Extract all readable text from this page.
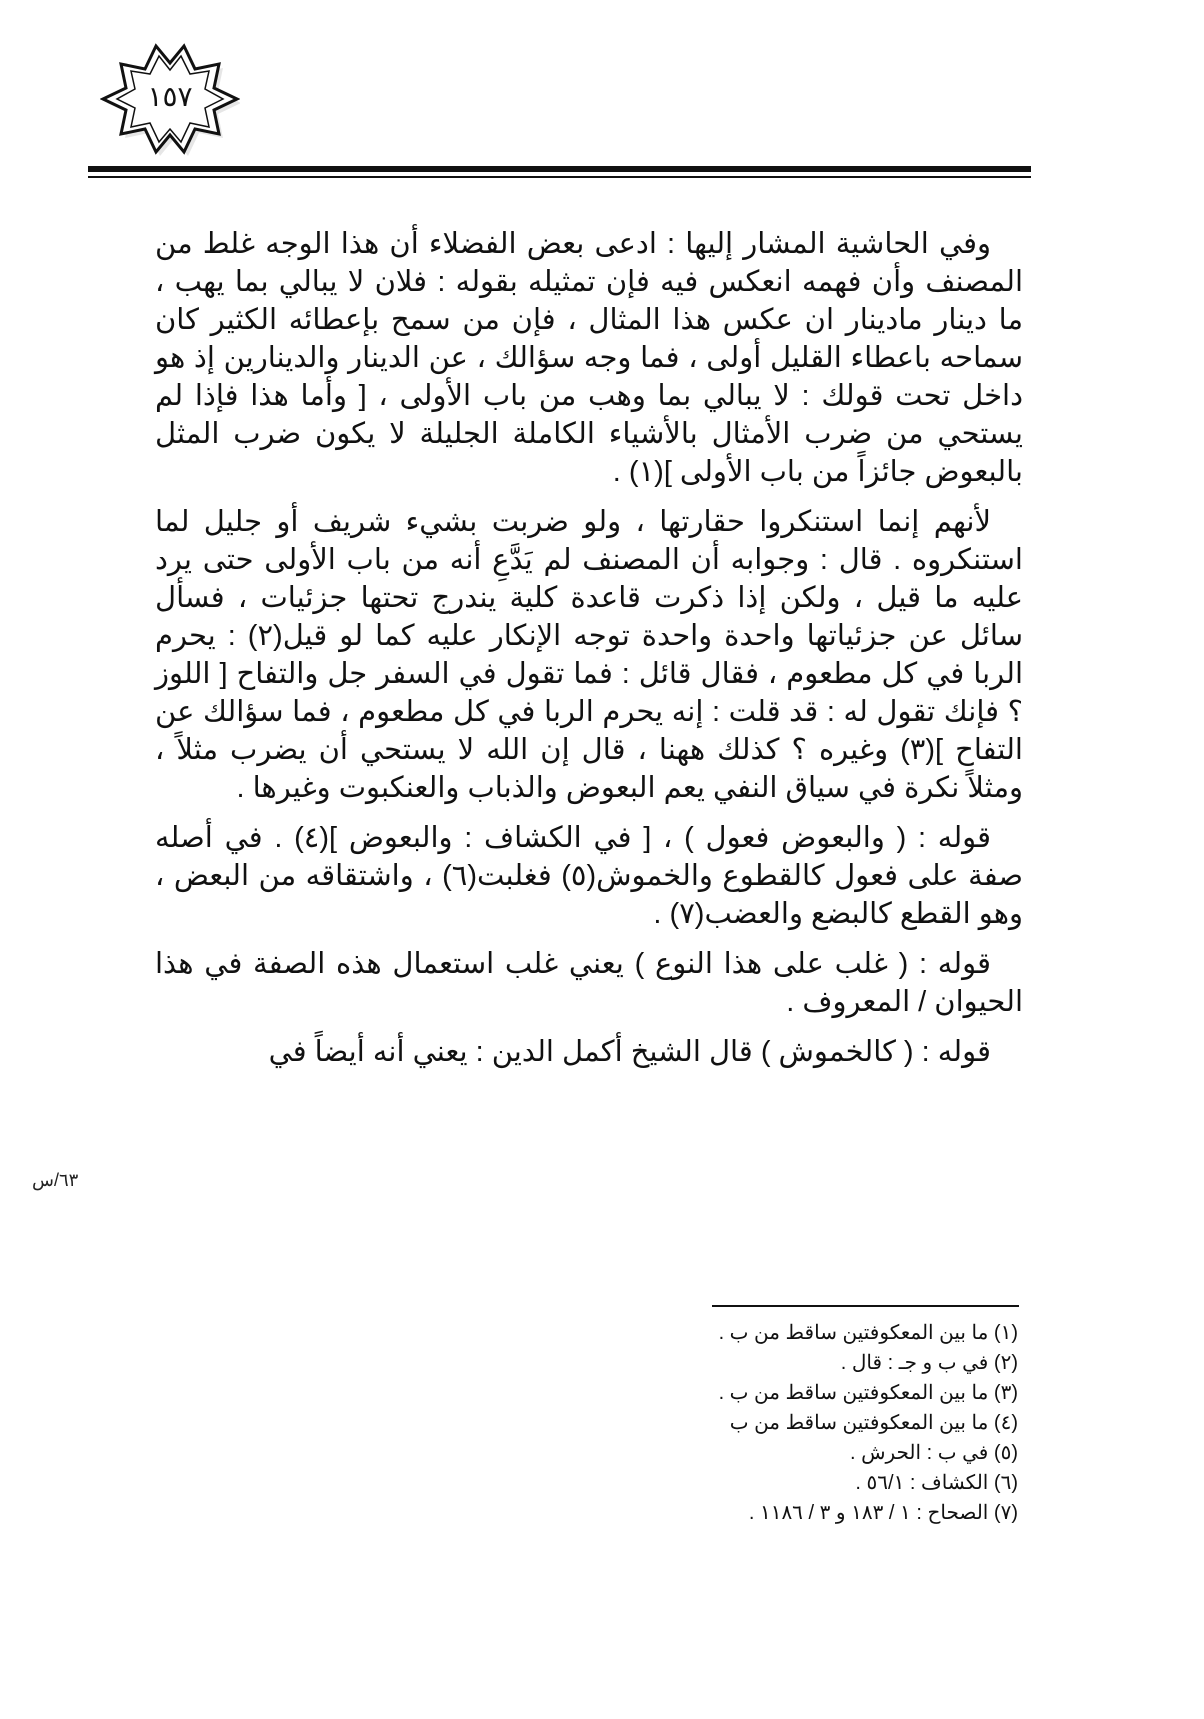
١٥٧

وفي الحاشية المشار إليها : ادعى بعض الفضلاء أن هذا الوجه غلط من المصنف وأن فهمه انعكس فيه فإن تمثيله بقوله : فلان لا يبالي بما يهب ، ما دينار مادينار ان عكس هذا المثال ، فإن من سمح بإعطائه الكثير كان سماحه باعطاء القليل أولى ، فما وجه سؤالك ، عن الدينار والدينارين إذ هو داخل تحت قولك : لا يبالي بما وهب من باب الأولى ، [ وأما هذا فإذا لم يستحي من ضرب الأمثال بالأشياء الكاملة الجليلة لا يكون ضرب المثل بالبعوض جائزاً من باب الأولى ](١) .

لأنهم إنما استنكروا حقارتها ، ولو ضربت بشيء شريف أو جليل لما استنكروه . قال : وجوابه أن المصنف لم يَدَّعِ أنه من باب الأولى حتى يرد عليه ما قيل ، ولكن إذا ذكرت قاعدة كلية يندرج تحتها جزئيات ، فسأل سائل عن جزئياتها واحدة واحدة توجه الإنكار عليه كما لو قيل(٢) : يحرم الربا في كل مطعوم ، فقال قائل : فما تقول في السفر جل والتفاح [ اللوز ؟ فإنك تقول له : قد قلت : إنه يحرم الربا في كل مطعوم ، فما سؤالك عن التفاح ](٣) وغيره ؟ كذلك ههنا ، قال إن الله لا يستحي أن يضرب مثلاً ، ومثلاً نكرة في سياق النفي يعم البعوض والذباب والعنكبوت وغيرها .

قوله : ( والبعوض فعول ) ، [ في الكشاف : والبعوض ](٤) . في أصله صفة على فعول كالقطوع والخموش(٥) فغلبت(٦) ، واشتقاقه من البعض ، وهو القطع كالبضع والعضب(٧) .

قوله : ( غلب على هذا النوع ) يعني غلب استعمال هذه الصفة في هذا الحيوان / المعروف .

قوله : ( كالخموش ) قال الشيخ أكمل الدين : يعني أنه أيضاً في

٦٣/س
(١) ما بين المعكوفتين ساقط من ب .
(٢) في ب و جـ : قال .
(٣) ما بين المعكوفتين ساقط من ب .
(٤) ما بين المعكوفتين ساقط من ب
(٥) في ب : الحرش .
(٦) الكشاف : ٥٦/١ .
(٧) الصحاح : ١ / ١٨٣ و ٣ / ١١٨٦ .
